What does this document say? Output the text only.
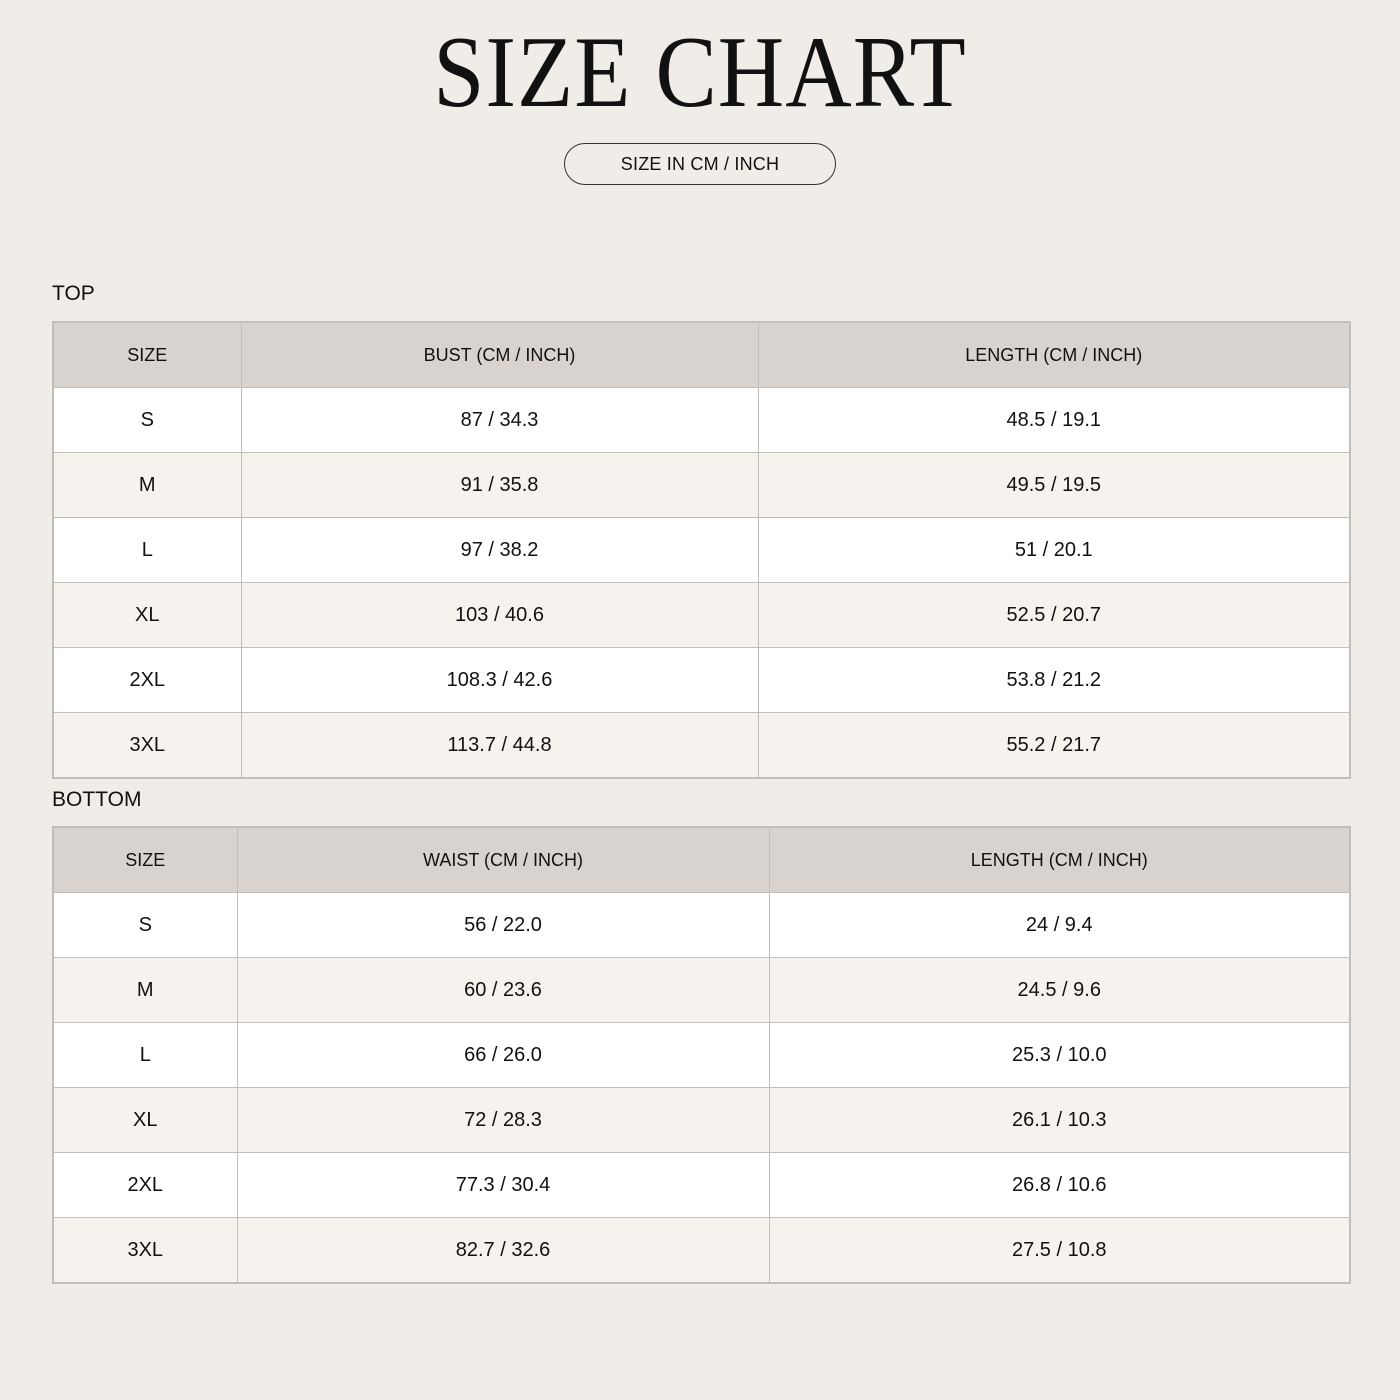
SIZE CHART
SIZE IN CM / INCH
TOP
SIZE	BUST (CM / INCH)	LENGTH (CM / INCH)
S	87 / 34.3	48.5 / 19.1
M	91 / 35.8	49.5 / 19.5
L	97 / 38.2	51 / 20.1
XL	103 / 40.6	52.5 / 20.7
2XL	108.3 / 42.6	53.8 / 21.2
3XL	113.7 / 44.8	55.2 / 21.7
BOTTOM
SIZE	WAIST (CM / INCH)	LENGTH (CM / INCH)
S	56 / 22.0	24 / 9.4
M	60 / 23.6	24.5 / 9.6
L	66 / 26.0	25.3 / 10.0
XL	72 / 28.3	26.1 / 10.3
2XL	77.3 / 30.4	26.8 / 10.6
3XL	82.7 / 32.6	27.5 / 10.8
